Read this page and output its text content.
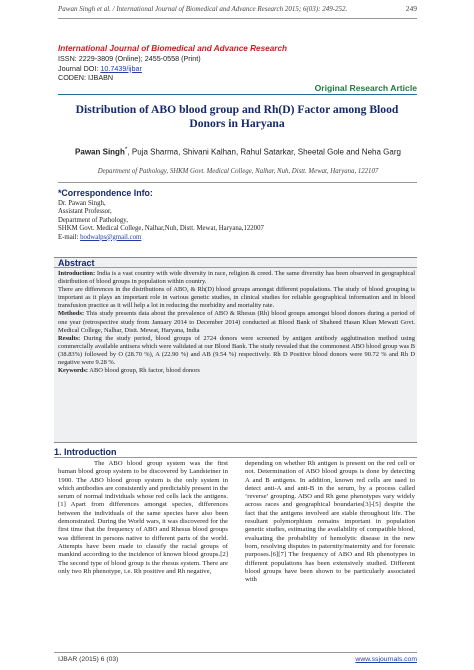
Pawan Singh et al. / International Journal of Biomedical and Advance Research 2015; 6(03): 249-252.	249
International Journal of Biomedical and Advance Research
ISSN: 2229-3809 (Online); 2455-0558 (Print)
Journal DOI: 10.7439/ijbar
CODEN: IJBABN
Original Research Article
Distribution of ABO blood group and Rh(D) Factor among Blood Donors in Haryana
Pawan Singh*, Puja Sharma, Shivani Kalhan, Rahul Satarkar, Sheetal Gole and Neha Garg
Department of Pathology, SHKM Govt. Medical College, Nalhar, Nuh, Distt. Mewat, Haryana, 122107
*Correspondence Info:
Dr. Pawan Singh,
Assistant Professor,
Department of Pathology,
SHKM Govt. Medical College, Nalhar,Nuh, Distt. Mewat, Haryana,122007
E-mail: bodwalps@gmail.com
Abstract

Introduction: India is a vast country with wide diversity in race, religion & creed. The same diversity has been observed in geographical distribution of blood groups in population within country.

There are differences in the distributions of ABO, & Rh(D) blood groups amongst different populations. The study of blood grouping is important as it plays an important role in various genetic studies, in clinical studies for reliable geographical information and in blood transfusion practice as it will help a lot in reducing the morbidity and mortality rate.

Methods: This study presents data about the prevalence of ABO & Rhesus (Rh) blood groups amongst blood donors during a period of one year (retrospective study from January 2014 to December 2014) conducted at Blood Bank of Shaheed Hasan Khan Mewati Govt. Medical College, Nalhar, Distt. Mewat, Haryana, India

Results: During the study period, blood groups of 2724 donors were screened by antigen antibody agglutination method using commercially available antisera which were validated at our Blood Bank. The study revealed that the commonest ABO blood group was B (38.83%) followed by O (28.70 %), A (22.90 %) and AB (9.54 %) respectively. Rh D Positive blood donors were 90.72 % and Rh D negative were 9.28 %.

Keywords: ABO blood group, Rh factor, blood donors

1. Introduction
The ABO blood group system was the first human blood group system to be discovered by Landsteiner in 1900. The ABO blood group system is the only system in which antibodies are consistently and predictably present in the serum of normal individuals whose red cells lack the antigens.[1] Apart from differences amongst species, differences between the individuals of the same species have also been demonstrated. During the World wars, it was discovered for the first time that the frequency of ABO and Rhesus blood groups was different in persons native to different parts of the world. Attempts have been made to classify the racial groups of mankind according to the incidence of known blood groups.[2] The second type of blood group is the rhesus system. There are only two Rh phenotype, i.e. Rh positive and Rh negative,
depending on whether Rh antigen is present on the red cell or not. Determination of ABO blood groups is done by detecting A and B antigens. In addition, known red cells are used to detect anti-A and anti-B in the serum, by a process called ‘reverse’ grouping. ABO and Rh gene phenotypes vary widely across races and geographical boundaries[3]-[5] despite the fact that the antigens involved are stable throughout life. The resultant polymorphism remains important in population genetic studies, estimating the availability of compatible blood, evaluating the probability of hemolytic disease in the new born, resolving disputes in paternity/maternity and for forensic purposes.[6][7] The frequency of ABO and Rh phenotypes in different populations has been extensively studied. Different blood groups have been shown to be particularly associated with
IJBAR (2015) 6 (03)	www.ssjournals.com
